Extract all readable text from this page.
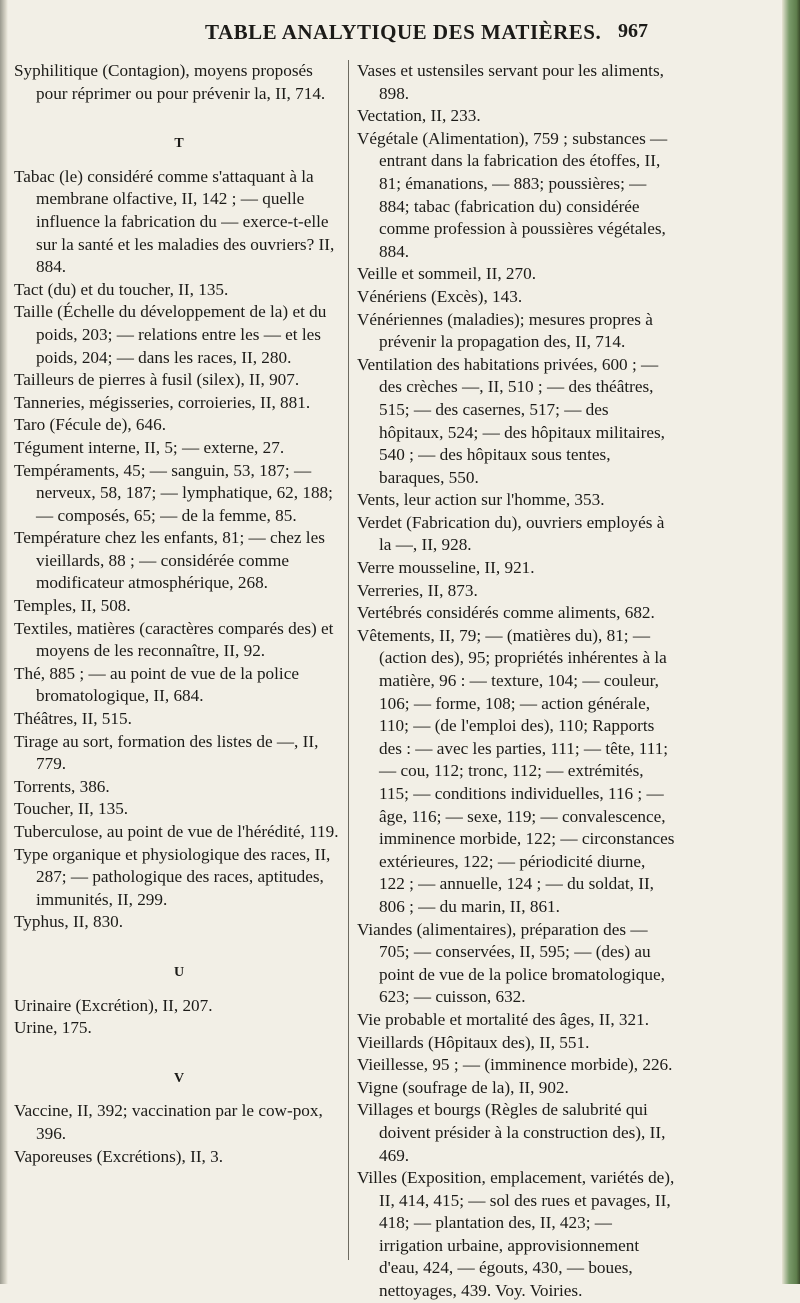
TABLE ANALYTIQUE DES MATIÈRES. 967

Syphilitique (Contagion), moyens proposés pour réprimer ou pour prévenir la, II, 714.

T

Tabac (le) considéré comme s'attaquant à la membrane olfactive, II, 142 ; — quelle influence la fabrication du — exerce-t-elle sur la santé et les maladies des ouvriers? II, 884.

Tact (du) et du toucher, II, 135.

Taille (Échelle du développement de la) et du poids, 203; — relations entre les — et les poids, 204; — dans les races, II, 280.

Tailleurs de pierres à fusil (silex), II, 907.

Tanneries, mégisseries, corroieries, II, 881.

Taro (Fécule de), 646.

Tégument interne, II, 5; — externe, 27.

Tempéraments, 45; — sanguin, 53, 187; — nerveux, 58, 187; — lymphatique, 62, 188; — composés, 65; — de la femme, 85.

Température chez les enfants, 81; — chez les vieillards, 88 ; — considérée comme modificateur atmosphérique, 268.

Temples, II, 508.

Textiles, matières (caractères comparés des) et moyens de les reconnaître, II, 92.

Thé, 885 ; — au point de vue de la police bromatologique, II, 684.

Théâtres, II, 515.

Tirage au sort, formation des listes de —, II, 779.

Torrents, 386.

Toucher, II, 135.

Tuberculose, au point de vue de l'hérédité, 119.

Type organique et physiologique des races, II, 287; — pathologique des races, aptitudes, immunités, II, 299.

Typhus, II, 830.

U

Urinaire (Excrétion), II, 207.

Urine, 175.

V

Vaccine, II, 392; vaccination par le cow-pox, 396.

Vaporeuses (Excrétions), II, 3.

Vases et ustensiles servant pour les aliments, 898.

Vectation, II, 233.

Végétale (Alimentation), 759 ; substances — entrant dans la fabrication des étoffes, II, 81; émanations, — 883; poussières; — 884; tabac (fabrication du) considérée comme profession à poussières végétales, 884.

Veille et sommeil, II, 270.

Vénériens (Excès), 143.

Vénériennes (maladies); mesures propres à prévenir la propagation des, II, 714.

Ventilation des habitations privées, 600 ; — des crèches —, II, 510 ; — des théâtres, 515; — des casernes, 517; — des hôpitaux, 524; — des hôpitaux militaires, 540 ; — des hôpitaux sous tentes, baraques, 550.

Vents, leur action sur l'homme, 353.

Verdet (Fabrication du), ouvriers employés à la —, II, 928.

Verre mousseline, II, 921.

Verreries, II, 873.

Vertébrés considérés comme aliments, 682.

Vêtements, II, 79; — (matières du), 81; — (action des), 95; propriétés inhérentes à la matière, 96 : — texture, 104; — couleur, 106; — forme, 108; — action générale, 110; — (de l'emploi des), 110; Rapports des : — avec les parties, 111; — tête, 111; — cou, 112; tronc, 112; — extrémités, 115; — conditions individuelles, 116 ; — âge, 116; — sexe, 119; — convalescence, imminence morbide, 122; — circonstances extérieures, 122; — périodicité diurne, 122 ; — annuelle, 124 ; — du soldat, II, 806 ; — du marin, II, 861.

Viandes (alimentaires), préparation des — 705; — conservées, II, 595; — (des) au point de vue de la police bromatologique, 623; — cuisson, 632.

Vie probable et mortalité des âges, II, 321.

Vieillards (Hôpitaux des), II, 551.

Vieillesse, 95 ; — (imminence morbide), 226.

Vigne (soufrage de la), II, 902.

Villages et bourgs (Règles de salubrité qui doivent présider à la construction des), II, 469.

Villes (Exposition, emplacement, variétés de), II, 414, 415; — sol des rues et pavages, II, 418; — plantation des, II, 423; — irrigation urbaine, approvisionnement d'eau, 424, — égouts, 430, — boues, nettoyages, 439. Voy. Voiries.
